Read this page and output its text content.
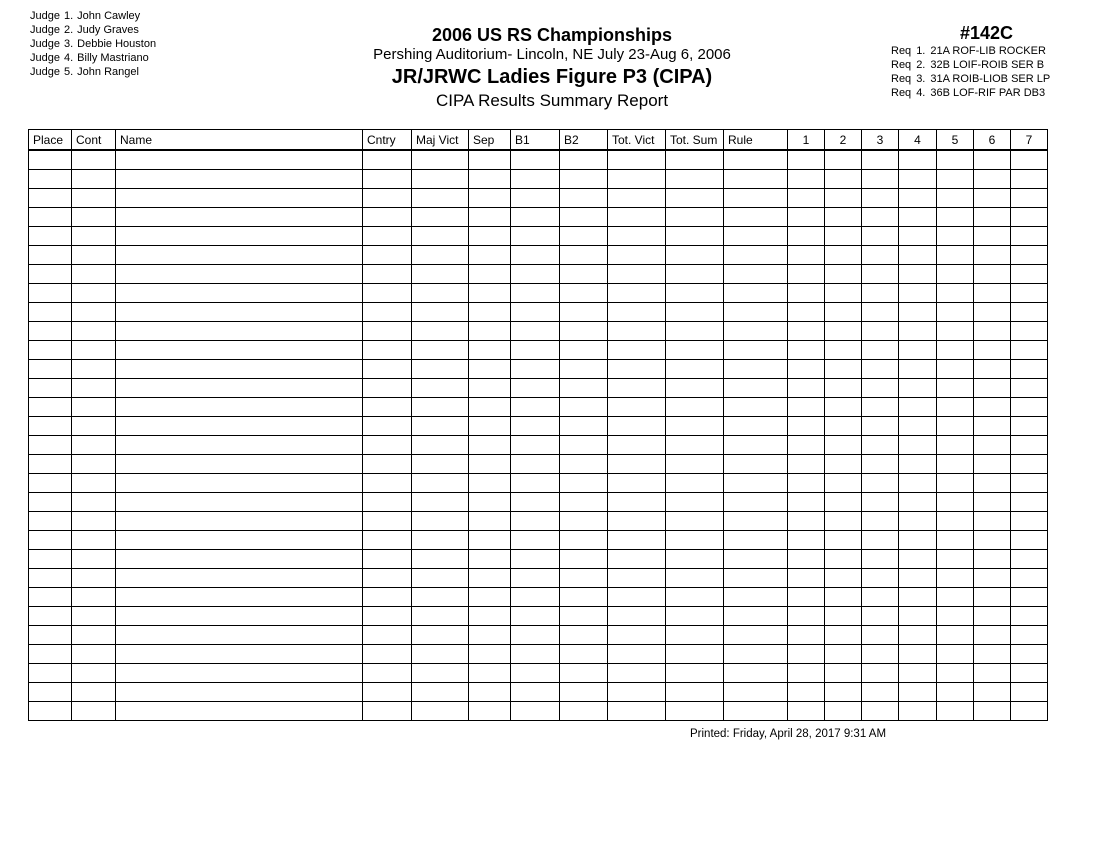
Judge 1. John Cawley
Judge 2. Judy Graves
Judge 3. Debbie Houston
Judge 4. Billy Mastriano
Judge 5. John Rangel
2006 US RS Championships
Pershing Auditorium- Lincoln, NE July 23-Aug 6, 2006
JR/JRWC Ladies Figure P3 (CIPA)
CIPA Results Summary Report
#142C
Req 1. 21A ROF-LIB ROCKER
Req 2. 32B LOIF-ROIB SER B
Req 3. 31A ROIB-LIOB SER LP
Req 4. 36B LOF-RIF PAR DB3
Place	Cont	Name	Cntry	Maj Vict	Sep	B1	B2	Tot. Vict	Tot. Sum	Rule	1	2	3	4	5	6	7

Printed: Friday, April 28, 2017 9:31 AM
